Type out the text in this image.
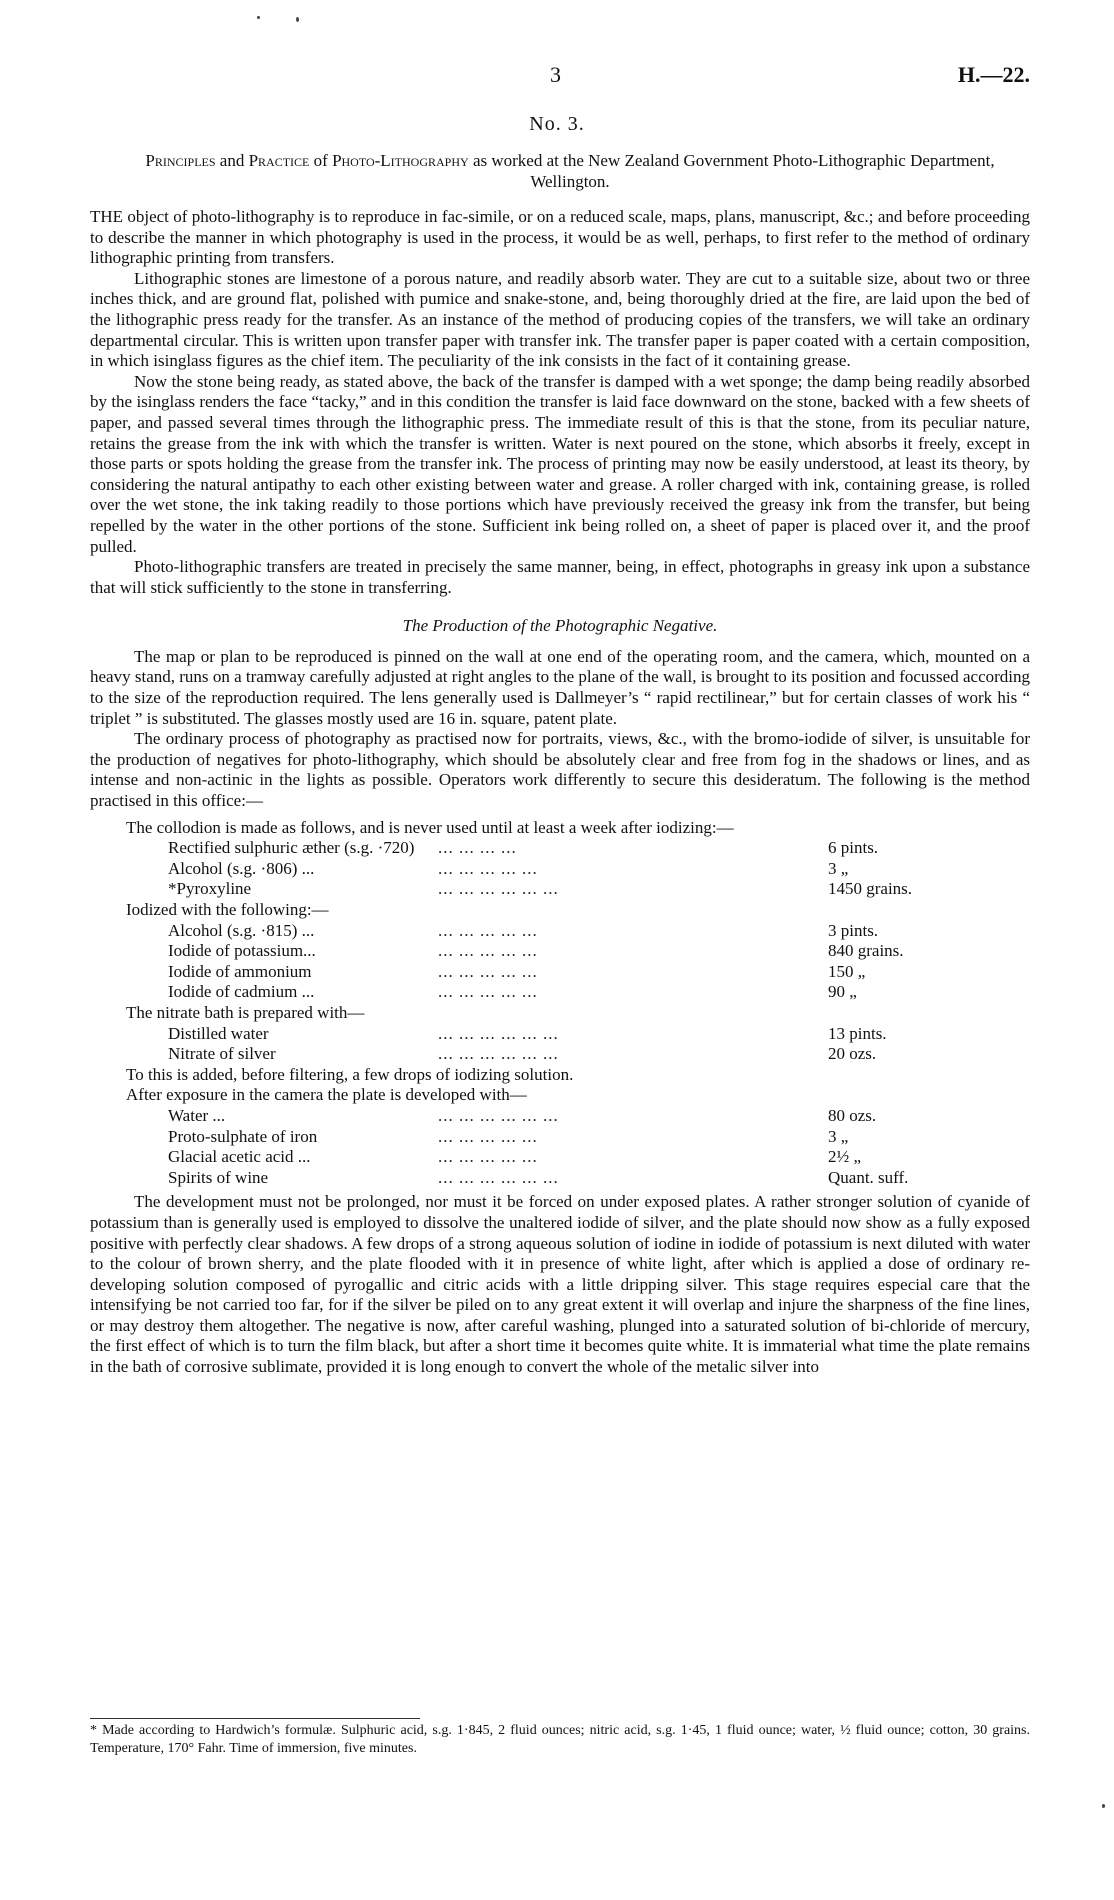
3	H.—22.
No. 3.
Principles and Practice of Photo-Lithography as worked at the New Zealand Government Photo-Lithographic Department, Wellington.

THE object of photo-lithography is to reproduce in fac-simile, or on a reduced scale, maps, plans, manuscript, &c.; and before proceeding to describe the manner in which photography is used in the process, it would be as well, perhaps, to first refer to the method of ordinary lithographic printing from transfers.

Lithographic stones are limestone of a porous nature, and readily absorb water. They are cut to a suitable size, about two or three inches thick, and are ground flat, polished with pumice and snake-stone, and, being thoroughly dried at the fire, are laid upon the bed of the lithographic press ready for the transfer. As an instance of the method of producing copies of the transfers, we will take an ordinary departmental circular. This is written upon transfer paper with transfer ink. The transfer paper is paper coated with a certain composition, in which isinglass figures as the chief item. The peculiarity of the ink consists in the fact of it containing grease.

Now the stone being ready, as stated above, the back of the transfer is damped with a wet sponge; the damp being readily absorbed by the isinglass renders the face “tacky,” and in this condition the transfer is laid face downward on the stone, backed with a few sheets of paper, and passed several times through the lithographic press. The immediate result of this is that the stone, from its peculiar nature, retains the grease from the ink with which the transfer is written. Water is next poured on the stone, which absorbs it freely, except in those parts or spots holding the grease from the transfer ink. The process of printing may now be easily understood, at least its theory, by considering the natural antipathy to each other existing between water and grease. A roller charged with ink, containing grease, is rolled over the wet stone, the ink taking readily to those portions which have previously received the greasy ink from the transfer, but being repelled by the water in the other portions of the stone. Sufficient ink being rolled on, a sheet of paper is placed over it, and the proof pulled.

Photo-lithographic transfers are treated in precisely the same manner, being, in effect, photographs in greasy ink upon a substance that will stick sufficiently to the stone in transferring.

The Production of the Photographic Negative.

The map or plan to be reproduced is pinned on the wall at one end of the operating room, and the camera, which, mounted on a heavy stand, runs on a tramway carefully adjusted at right angles to the plane of the wall, is brought to its position and focussed according to the size of the reproduction required. The lens generally used is Dallmeyer’s “ rapid rectilinear,” but for certain classes of work his “ triplet ” is substituted. The glasses mostly used are 16 in. square, patent plate.

The ordinary process of photography as practised now for portraits, views, &c., with the bromo-iodide of silver, is unsuitable for the production of negatives for photo-lithography, which should be absolutely clear and free from fog in the shadows or lines, and as intense and non-actinic in the lights as possible. Operators work differently to secure this desideratum. The following is the method practised in this office:—

The collodion is made as follows, and is never used until at least a week after iodizing:—
Rectified sulphuric æther (s.g. ·720)	... ... ... ...	6 pints.
Alcohol (s.g. ·806) ...	... ... ... ... ...	3 „
*Pyroxyline	... ... ... ... ... ...	1450 grains.
Iodized with the following:—
Alcohol (s.g. ·815) ...	... ... ... ... ...	3 pints.
Iodide of potassium...	... ... ... ... ...	840 grains.
Iodide of ammonium	... ... ... ... ...	150 „
Iodide of cadmium ...	... ... ... ... ...	90 „
The nitrate bath is prepared with—
Distilled water	... ... ... ... ... ...	13 pints.
Nitrate of silver	... ... ... ... ... ...	20 ozs.
To this is added, before filtering, a few drops of iodizing solution.
After exposure in the camera the plate is developed with—
Water ...	... ... ... ... ... ...	80 ozs.
Proto-sulphate of iron	... ... ... ... ...	3 „
Glacial acetic acid ...	... ... ... ... ...	2½ „
Spirits of wine	... ... ... ... ... ...	Quant. suff.

The development must not be prolonged, nor must it be forced on under exposed plates. A rather stronger solution of cyanide of potassium than is generally used is employed to dissolve the unaltered iodide of silver, and the plate should now show as a fully exposed positive with perfectly clear shadows. A few drops of a strong aqueous solution of iodine in iodide of potassium is next diluted with water to the colour of brown sherry, and the plate flooded with it in presence of white light, after which is applied a dose of ordinary re-developing solution composed of pyrogallic and citric acids with a little dripping silver. This stage requires especial care that the intensifying be not carried too far, for if the silver be piled on to any great extent it will overlap and injure the sharpness of the fine lines, or may destroy them altogether. The negative is now, after careful washing, plunged into a saturated solution of bi-chloride of mercury, the first effect of which is to turn the film black, but after a short time it becomes quite white. It is immaterial what time the plate remains in the bath of corrosive sublimate, provided it is long enough to convert the whole of the metalic silver into

* Made according to Hardwich’s formulæ. Sulphuric acid, s.g. 1·845, 2 fluid ounces; nitric acid, s.g. 1·45, 1 fluid ounce; water, ½ fluid ounce; cotton, 30 grains. Temperature, 170° Fahr. Time of immersion, five minutes.
